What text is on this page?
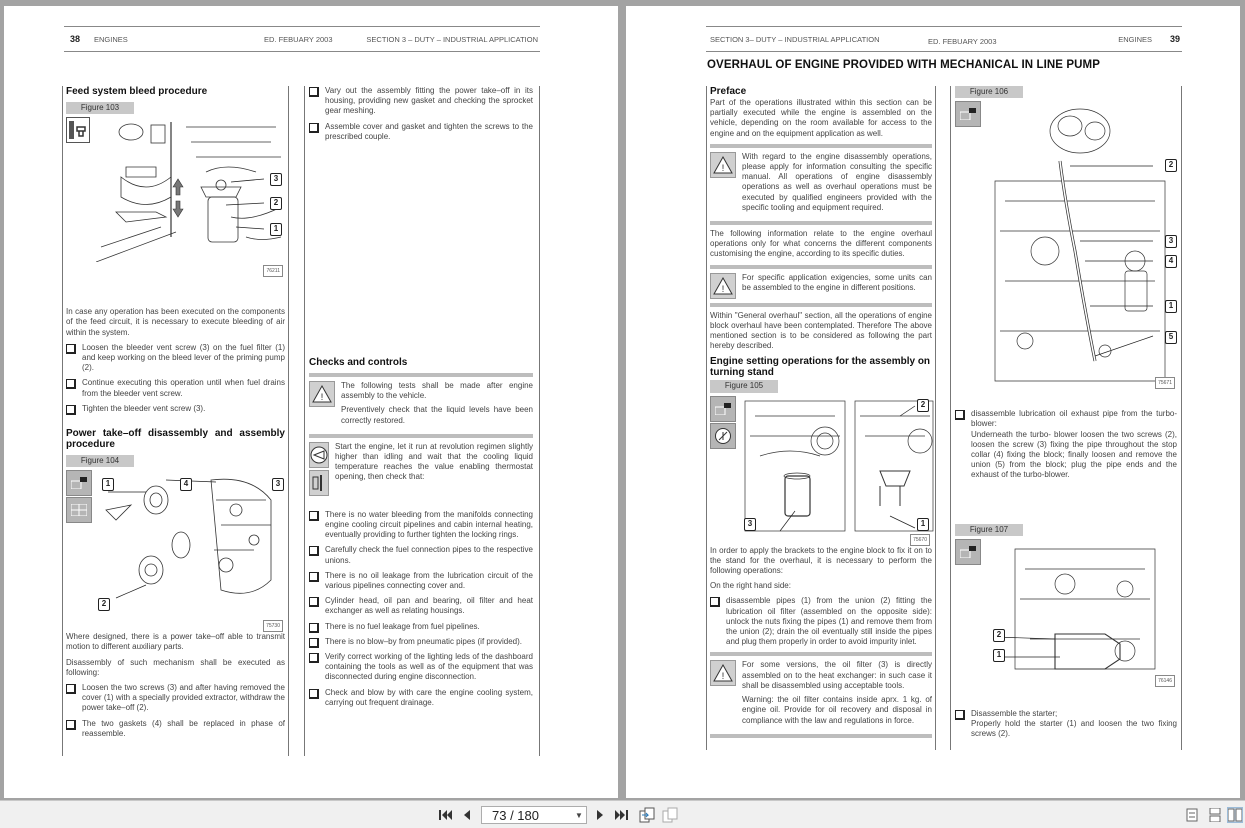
38 ENGINES	ED. FEBUARY 2003	SECTION 3 – DUTY – INDUSTRIAL APPLICATION
Feed system bleed procedure
Figure 103
3
2
1
76211
In case any operation has been executed on the components of the feed circuit, it is necessary to execute bleeding of air within the system.
Loosen the bleeder vent screw (3) on the fuel filter (1) and keep working on the bleed lever of the priming pump (2).
Continue executing this operation until when fuel drains from the bleeder vent screw.
Tighten the bleeder vent screw (3).
Power take–off disassembly and assembly procedure
Figure 104
1	4	3
2
75730
Where designed, there is a power take–off able to transmit motion to different auxiliary parts.
Disassembly of such mechanism shall be executed as following:
Loosen the two screws (3) and after having removed the cover (1) with a specially provided extractor, withdraw the power take–off (2).
The two gaskets (4) shall be replaced in phase of reassemble.
Vary out the assembly fitting the power take–off in its housing, providing new gasket and checking the sprocket gear meshing.
Assemble cover and gasket and tighten the screws to the prescribed couple.
Checks and controls
!

The following tests shall be made after engine assembly to the vehicle.

Preventively check that the liquid levels have been correctly restored.

Start the engine, let it run at revolution regimen slightly higher than idling and wait that the cooling liquid temperature reaches the value enabling thermostat opening, then check that:

There is no water bleeding from the manifolds connecting engine cooling circuit pipelines and cabin internal heating, eventually providing to further tighten the locking rings.
Carefully check the fuel connection pipes to the respective unions.
There is no oil leakage from the lubrication circuit of the various pipelines connecting cover and.
Cylinder head, oil pan and bearing, oil filter and heat exchanger as well as relating housings.
There is no fuel leakage from fuel pipelines.
There is no blow–by from pneumatic pipes (if provided).
Verify correct working of the lighting leds of the dashboard containing the tools as well as of the equipment that was disconnected during engine disconnection.
Check and blow by with care the engine cooling system, carrying out frequent drainage.
SECTION 3– DUTY – INDUSTRIAL APPLICATION	ED. FEBUARY 2003	ENGINES 39
OVERHAUL OF ENGINE PROVIDED WITH MECHANICAL IN LINE PUMP
Preface
Part of the operations illustrated within this section can be partially executed while the engine is assembled on the vehicle, depending on the room available for access to the engine and on the equipment application as well.
!

With regard to the engine disassembly operations, please apply for information consulting the specific manual. All operations of engine disassembly operations as well as overhaul operations must be executed by qualified engineers provided with the specific tooling and equipment required.

The following information relate to the engine overhaul operations only for what concerns the different components customising the engine, according to its specific duties.
!

For specific application exigencies, some units can be assembled to the engine in different positions.

Within "General overhaul" section, all the operations of engine block overhaul have been contemplated. Therefore The above mentioned section is to be considered as following the part hereby described.
Engine setting operations for the assembly on turning stand
Figure 105
2
3	1
75670
In order to apply the brackets to the engine block to fix it on to the stand for the overhaul, it is necessary to perform the following operations:
On the right hand side:
disassemble pipes (1) from the union (2) fitting the lubrication oil filter (assembled on the opposite side): unlock the nuts fixing the pipes (1) and remove them from the union (2); drain the oil eventually still inside the pipes and plug them properly in order to avoid impurity inlet.
!

For some versions, the oil filter (3) is directly assembled on to the heat exchanger: in such case it shall be disassembled using acceptable tools.

Warning: the oil filter contains inside aprx. 1 kg. of engine oil. Provide for oil recovery and disposal in compliance with the law and regulations in force.

Figure 106
2
3
4
1
5
75671
disassemble lubrication oil exhaust pipe from the turbo-blower:
Underneath the turbo- blower loosen the two screws (2), loosen the screw (3) fixing the pipe throughout the stop collar (4) fixing the block; finally loosen and remove the union (5) from the block; plug the pipe ends and the exhaust of the turbo-blower.
Figure 107
2
1
76146
Disassemble the starter;
Properly hold the starter (1) and loosen the two fixing screws (2).
73 / 180	▼
